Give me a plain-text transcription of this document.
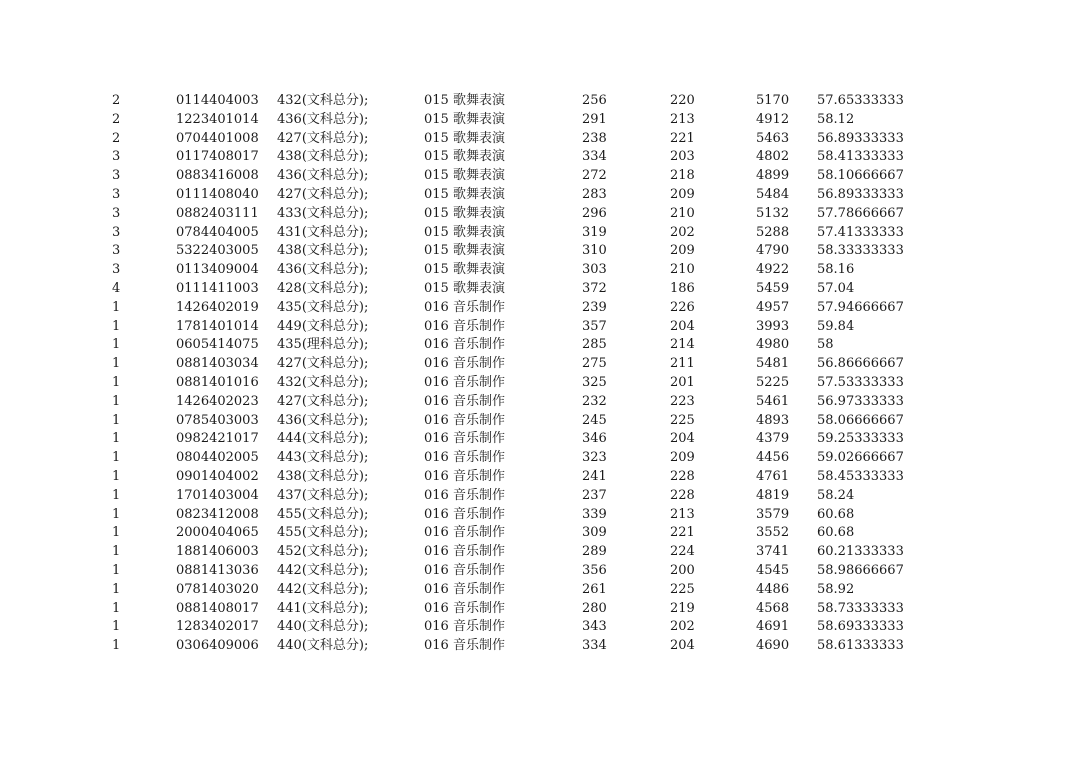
2	0114404003 432(文科总分);	015 歌舞表演	256	220	5170 57.65333333
2	1223401014 436(文科总分);	015 歌舞表演	291	213	4912 58.12
2	0704401008 427(文科总分);	015 歌舞表演	238	221	5463 56.89333333
3	0117408017 438(文科总分);	015 歌舞表演	334	203	4802 58.41333333
3	0883416008 436(文科总分);	015 歌舞表演	272	218	4899 58.10666667
3	0111408040 427(文科总分);	015 歌舞表演	283	209	5484 56.89333333
3	0882403111 433(文科总分);	015 歌舞表演	296	210	5132 57.78666667
3	0784404005 431(文科总分);	015 歌舞表演	319	202	5288 57.41333333
3	5322403005 438(文科总分);	015 歌舞表演	310	209	4790 58.33333333
3	0113409004 436(文科总分);	015 歌舞表演	303	210	4922 58.16
4	0111411003 428(文科总分);	015 歌舞表演	372	186	5459 57.04
1	1426402019 435(文科总分);	016 音乐制作	239	226	4957 57.94666667
1	1781401014 449(文科总分);	016 音乐制作	357	204	3993 59.84
1	0605414075 435(理科总分);	016 音乐制作	285	214	4980 58
1	0881403034 427(文科总分);	016 音乐制作	275	211	5481 56.86666667
1	0881401016 432(文科总分);	016 音乐制作	325	201	5225 57.53333333
1	1426402023 427(文科总分);	016 音乐制作	232	223	5461 56.97333333
1	0785403003 436(文科总分);	016 音乐制作	245	225	4893 58.06666667
1	0982421017 444(文科总分);	016 音乐制作	346	204	4379 59.25333333
1	0804402005 443(文科总分);	016 音乐制作	323	209	4456 59.02666667
1	0901404002 438(文科总分);	016 音乐制作	241	228	4761 58.45333333
1	1701403004 437(文科总分);	016 音乐制作	237	228	4819 58.24
1	0823412008 455(文科总分);	016 音乐制作	339	213	3579 60.68
1	2000404065 455(文科总分);	016 音乐制作	309	221	3552 60.68
1	1881406003 452(文科总分);	016 音乐制作	289	224	3741 60.21333333
1	0881413036 442(文科总分);	016 音乐制作	356	200	4545 58.98666667
1	0781403020 442(文科总分);	016 音乐制作	261	225	4486 58.92
1	0881408017 441(文科总分);	016 音乐制作	280	219	4568 58.73333333
1	1283402017 440(文科总分);	016 音乐制作	343	202	4691 58.69333333
1	0306409006 440(文科总分);	016 音乐制作	334	204	4690 58.61333333
